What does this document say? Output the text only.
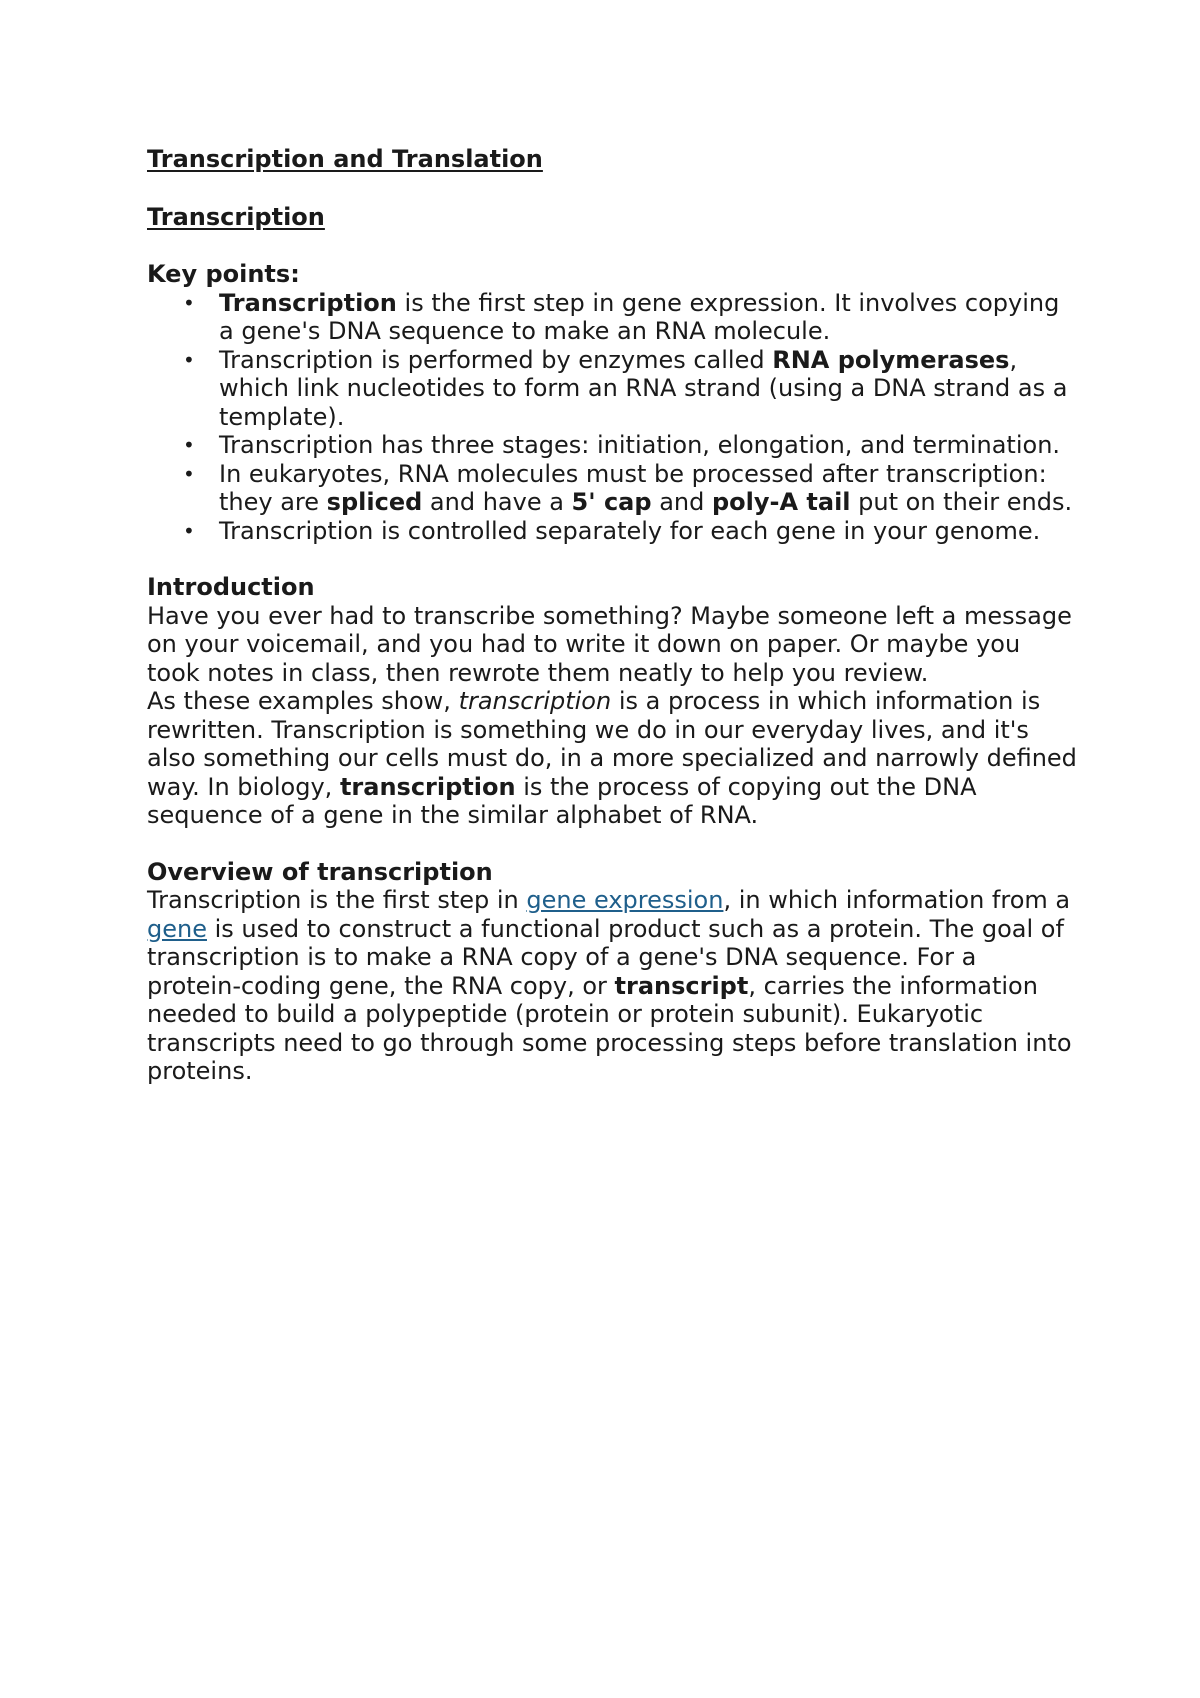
Transcription and Translation
Transcription

Key points:

• Transcription is the first step in gene expression. It involves copying a gene's DNA sequence to make an RNA molecule.
• Transcription is performed by enzymes called RNA polymerases, which link nucleotides to form an RNA strand (using a DNA strand as a template).
• Transcription has three stages: initiation, elongation, and termination.
• In eukaryotes, RNA molecules must be processed after transcription: they are spliced and have a 5' cap and poly-A tail put on their ends.
• Transcription is controlled separately for each gene in your genome.

Introduction

Have you ever had to transcribe something? Maybe someone left a message on your voicemail, and you had to write it down on paper. Or maybe you took notes in class, then rewrote them neatly to help you review.

As these examples show, transcription is a process in which information is rewritten. Transcription is something we do in our everyday lives, and it's also something our cells must do, in a more specialized and narrowly defined way. In biology, transcription is the process of copying out the DNA sequence of a gene in the similar alphabet of RNA.

Overview of transcription

Transcription is the first step in gene expression, in which information from a gene is used to construct a functional product such as a protein. The goal of transcription is to make a RNA copy of a gene's DNA sequence. For a protein-coding gene, the RNA copy, or transcript, carries the information needed to build a polypeptide (protein or protein subunit). Eukaryotic transcripts need to go through some processing steps before translation into proteins.
